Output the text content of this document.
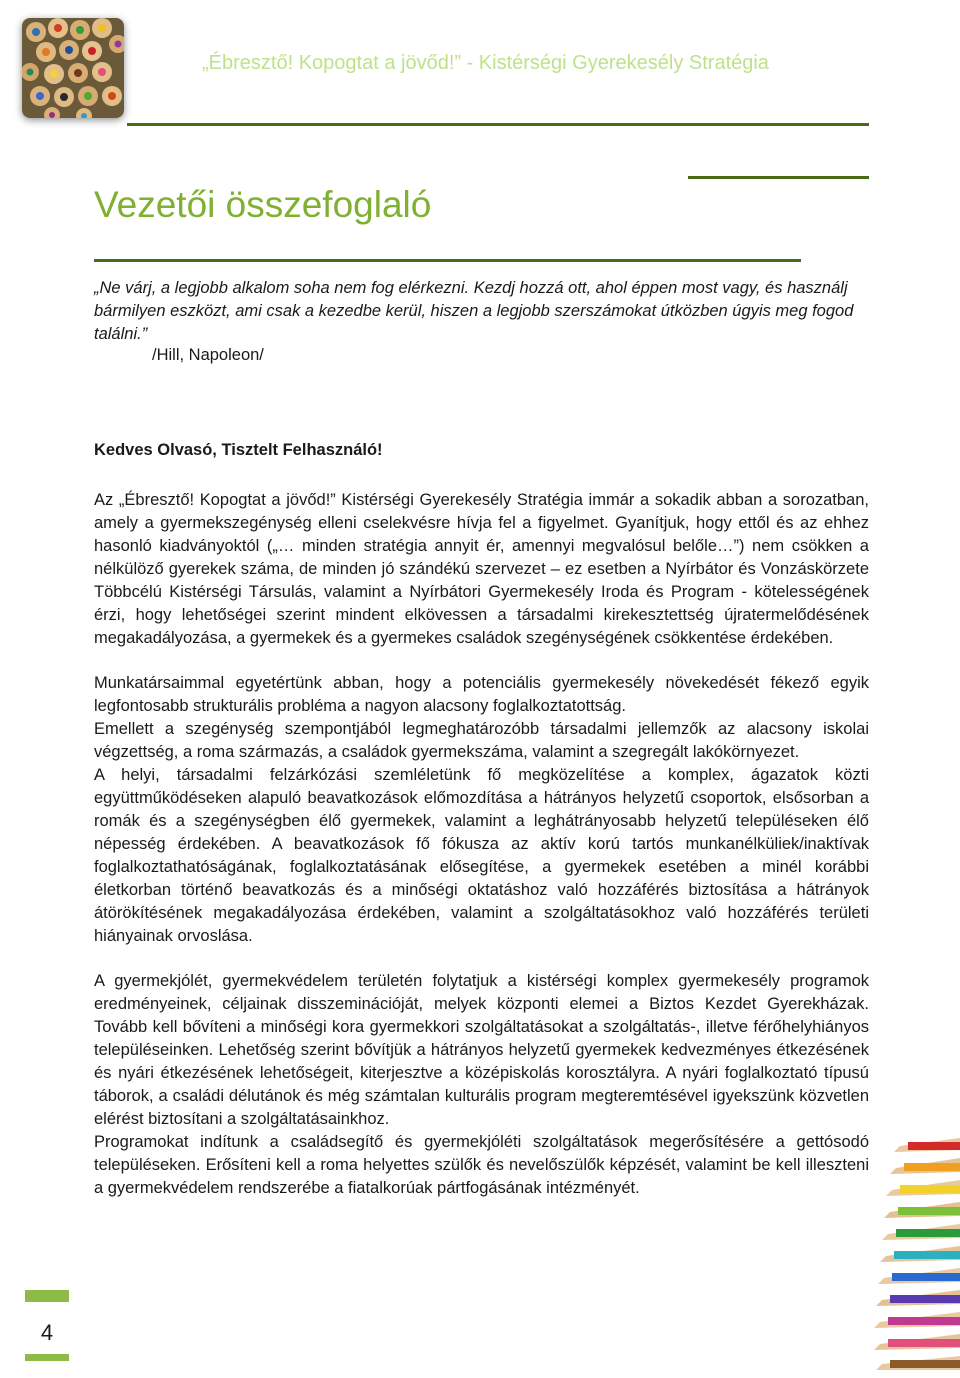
„Ébresztő! Kopogtat a jövőd!” - Kistérségi Gyerekesély Stratégia
Vezetői összefoglaló

„Ne várj, a legjobb alkalom soha nem fog elérkezni. Kezdj hozzá ott, ahol éppen most vagy, és használj bármilyen eszközt, ami csak a kezedbe kerül, hiszen a legjobb szerszámokat útközben úgyis meg fogod találni.”

/Hill, Napoleon/

Kedves Olvasó, Tisztelt Felhasználó!

Az „Ébresztő! Kopogtat a jövőd!” Kistérségi Gyerekesély Stratégia immár a sokadik abban a sorozatban, amely a gyermekszegénység elleni cselekvésre hívja fel a figyelmet. Gyanítjuk, hogy ettől és az ehhez hasonló kiadványoktól („… minden stratégia annyit ér, amennyi megvalósul belőle…”) nem csökken a nélkülöző gyerekek száma, de minden jó szándékú szervezet – ez esetben a Nyírbátor és Vonzáskörzete Többcélú Kistérségi Társulás, valamint a Nyírbátori Gyermekesély Iroda és Program - kötelességének érzi, hogy lehetőségei szerint mindent elkövessen a társadalmi kirekesztettség újratermelődésének megakadályozása, a gyermekek és a gyermekes családok szegénységének csökkentése érdekében.

Munkatársaimmal egyetértünk abban, hogy a potenciális gyermekesély növekedését fékező egyik legfontosabb strukturális probléma a nagyon alacsony foglalkoztatottság.

Emellett a szegénység szempontjából legmeghatározóbb társadalmi jellemzők az alacsony iskolai végzettség, a roma származás, a családok gyermekszáma, valamint a szegregált lakókörnyezet.

A helyi, társadalmi felzárkózási szemléletünk fő megközelítése a komplex, ágazatok közti együttműködéseken alapuló beavatkozások előmozdítása a hátrányos helyzetű csoportok, elsősorban a romák és a szegénységben élő gyermekek, valamint a leghátrányosabb helyzetű településeken élő népesség érdekében. A beavatkozások fő fókusza az aktív korú tartós munkanélküliek/inaktívak foglalkoztathatóságának, foglalkoztatásának elősegítése, a gyermekek esetében a minél korábbi életkorban történő beavatkozás és a minőségi oktatáshoz való hozzáférés biztosítása a hátrányok átörökítésének megakadályozása érdekében, valamint a szolgáltatásokhoz való hozzáférés területi hiányainak orvoslása.

A gyermekjólét, gyermekvédelem területén folytatjuk a kistérségi komplex gyermekesély programok eredményeinek, céljainak disszeminációját, melyek központi elemei a Biztos Kezdet Gyerekházak. Tovább kell bővíteni a minőségi kora gyermekkori szolgáltatásokat a szolgáltatás-, illetve férőhelyhiányos településeinken. Lehetőség szerint bővítjük a hátrányos helyzetű gyermekek kedvezményes étkezésének és nyári étkezésének lehetőségeit, kiterjesztve a középiskolás korosztályra. A nyári foglalkoztató típusú táborok, a családi délutánok és még számtalan kulturális program megteremtésével igyekszünk közvetlen elérést biztosítani a szolgáltatásainkhoz.

Programokat indítunk a családsegítő és gyermekjóléti szolgáltatások megerősítésére a gettósodó településeken. Erősíteni kell a roma helyettes szülők és nevelőszülők képzését, valamint be kell illeszteni a gyermekvédelem rendszerébe a fiatalkorúak pártfogásának intézményét.

4
